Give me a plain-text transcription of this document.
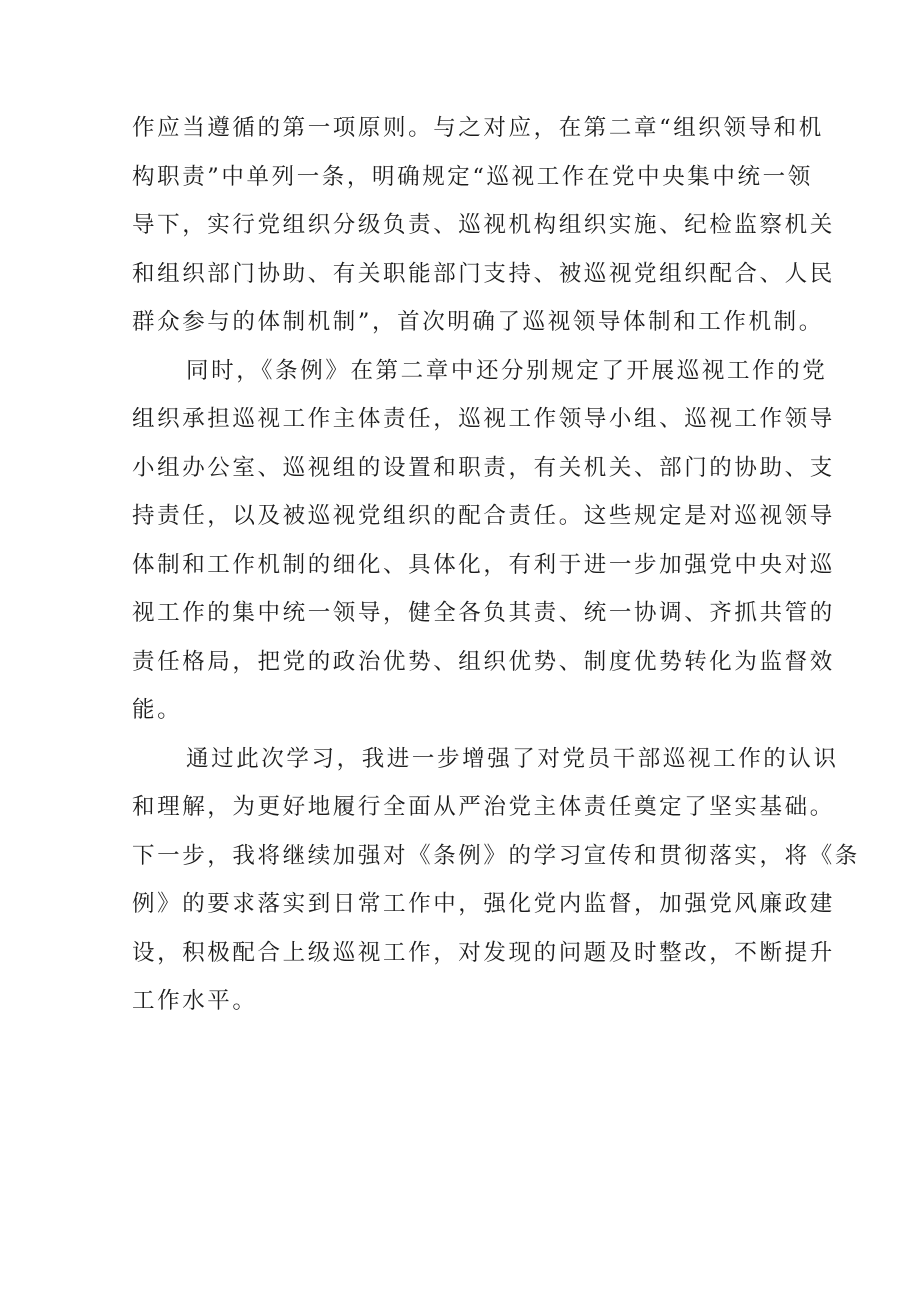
作应当遵循的第一项原则。与之对应，在第二章“组织领导和机
构职责”中单列一条，明确规定“巡视工作在党中央集中统一领
导下，实行党组织分级负责、巡视机构组织实施、纪检监察机关
和组织部门协助、有关职能部门支持、被巡视党组织配合、人民
群众参与的体制机制”，首次明确了巡视领导体制和工作机制。
同时，《条例》在第二章中还分别规定了开展巡视工作的党
组织承担巡视工作主体责任，巡视工作领导小组、巡视工作领导
小组办公室、巡视组的设置和职责，有关机关、部门的协助、支
持责任，以及被巡视党组织的配合责任。这些规定是对巡视领导
体制和工作机制的细化、具体化，有利于进一步加强党中央对巡
视工作的集中统一领导，健全各负其责、统一协调、齐抓共管的
责任格局，把党的政治优势、组织优势、制度优势转化为监督效
能。
通过此次学习，我进一步增强了对党员干部巡视工作的认识
和理解，为更好地履行全面从严治党主体责任奠定了坚实基础。
下一步，我将继续加强对《条例》的学习宣传和贯彻落实，将《条
例》的要求落实到日常工作中，强化党内监督，加强党风廉政建
设，积极配合上级巡视工作，对发现的问题及时整改，不断提升
工作水平。
